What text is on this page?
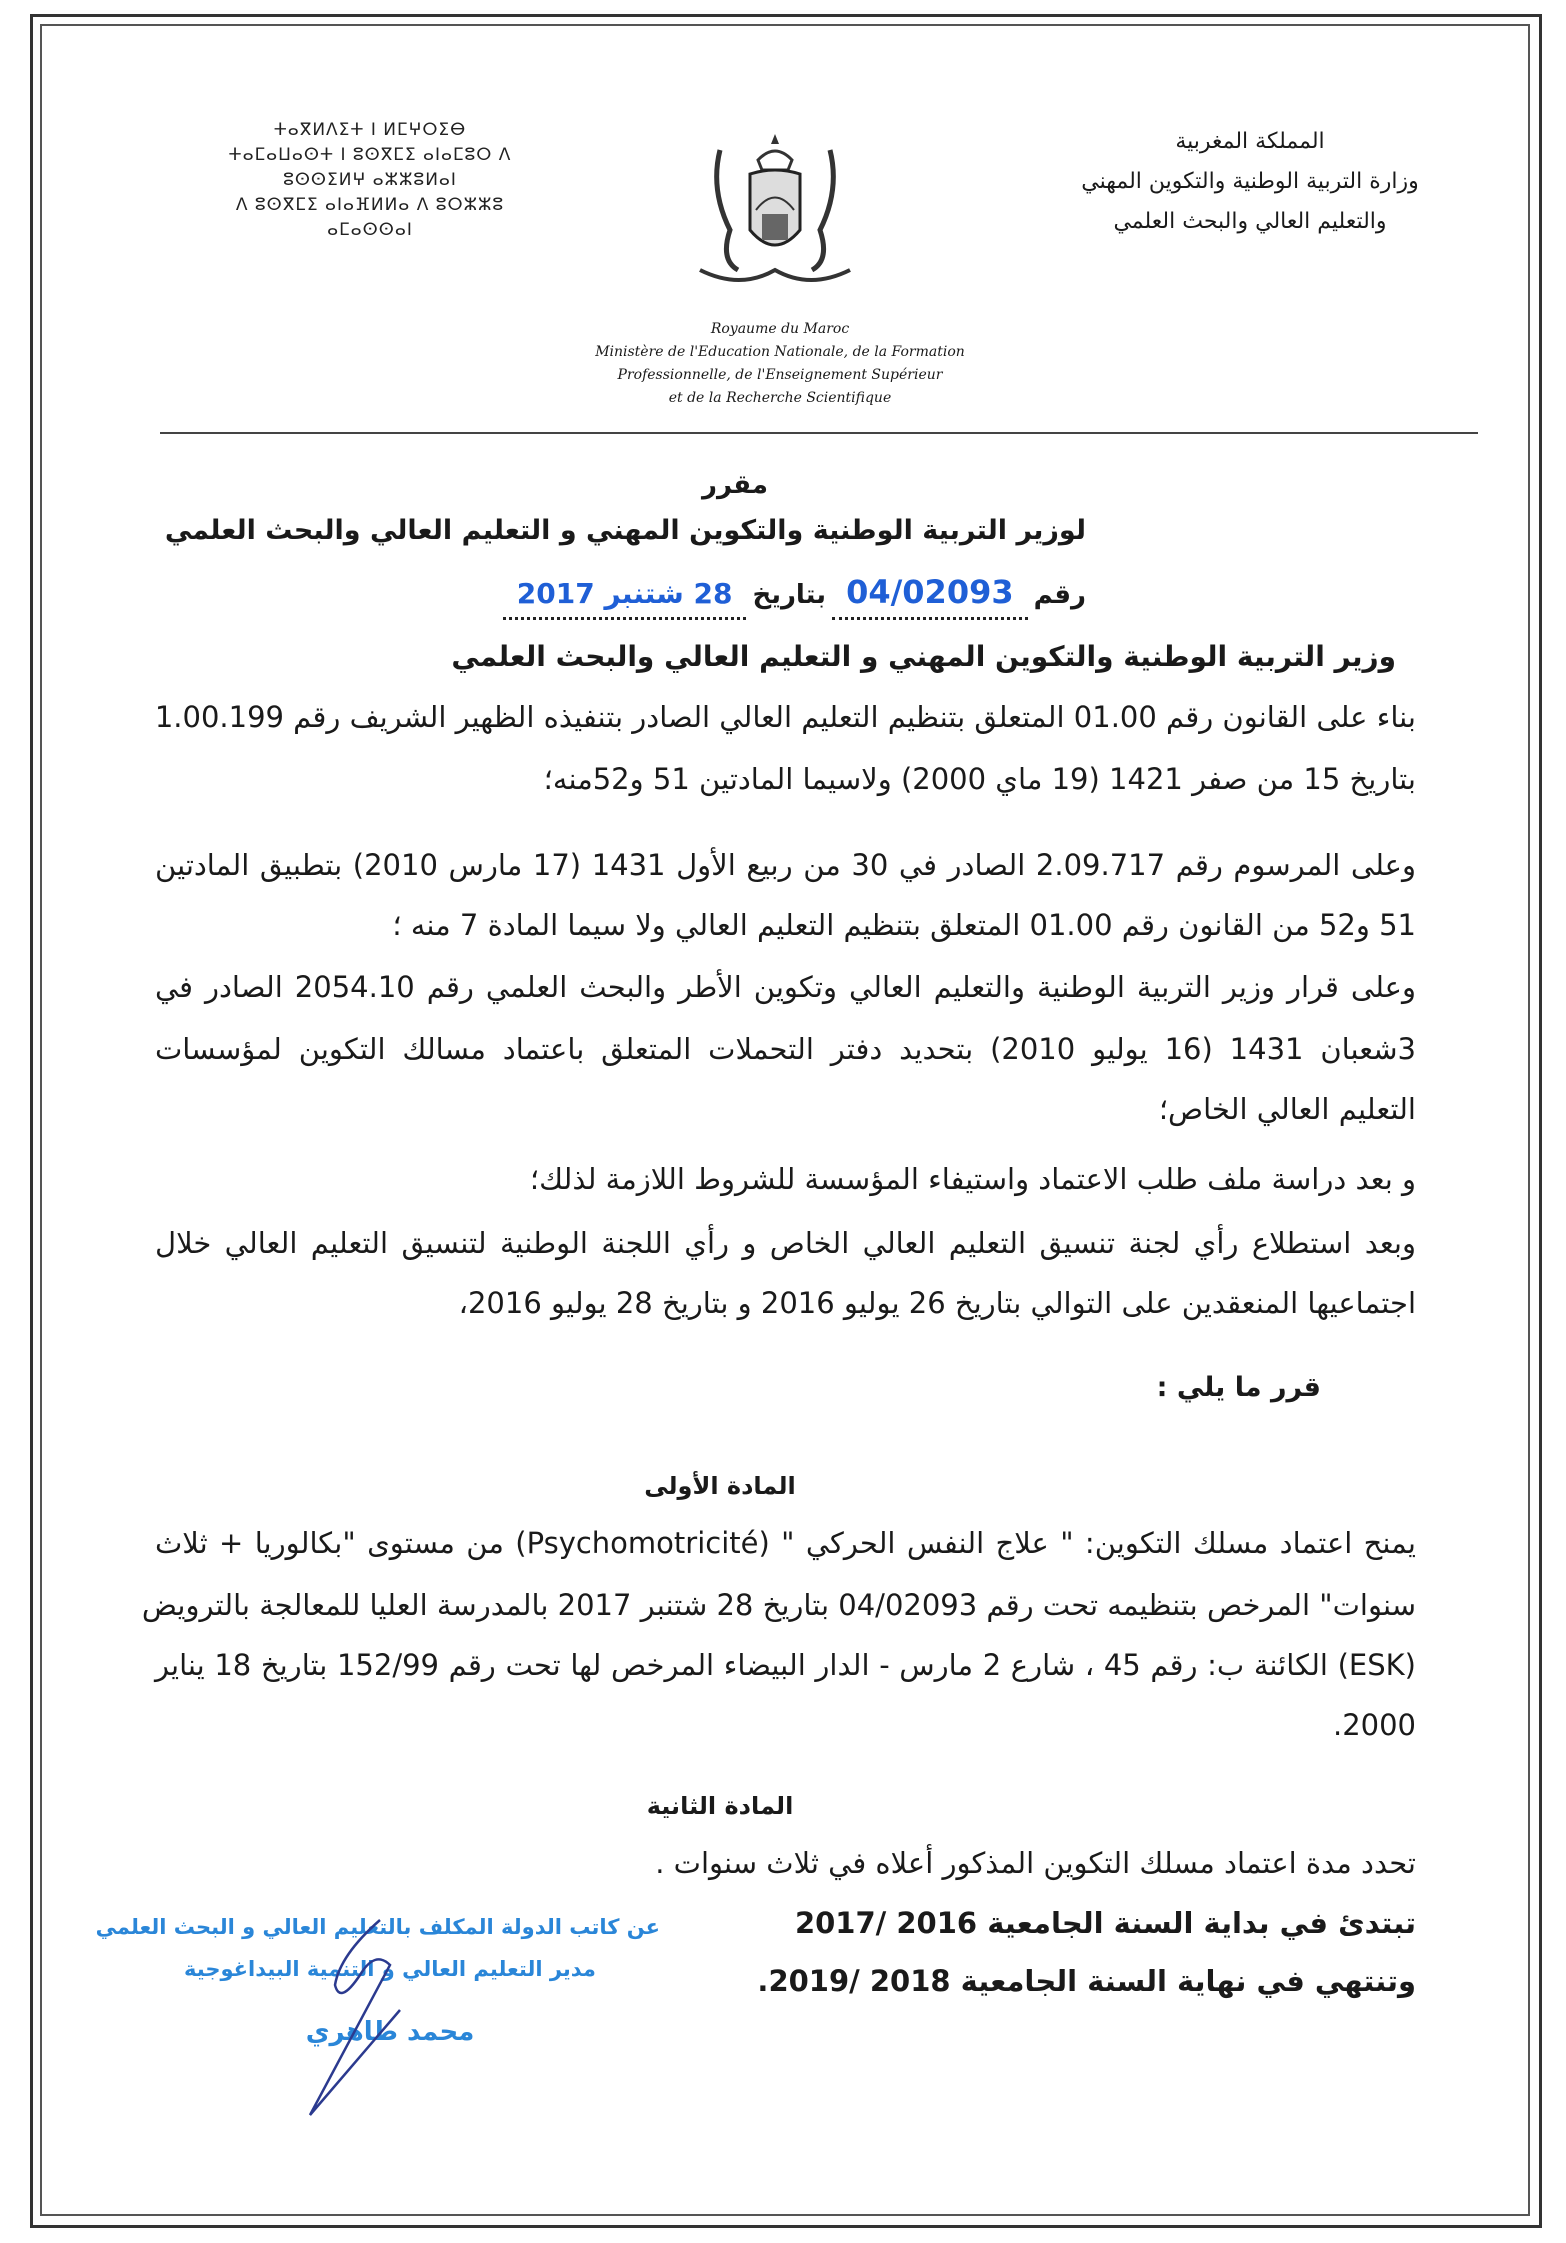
ⵜⴰⴳⵍⴷⵉⵜ ⵏ ⵍⵎⵖⵔⵉⴱ
ⵜⴰⵎⴰⵡⴰⵙⵜ ⵏ ⵓⵙⴳⵎⵉ ⴰⵏⴰⵎⵓⵔ ⴷ ⵓⵙⵙⵉⵍⵖ ⴰⵣⵣⵓⵍⴰⵏ
ⴷ ⵓⵙⴳⵎⵉ ⴰⵏⴰⴼⵍⵍⴰ ⴷ ⵓⵔⵣⵣⵓ ⴰⵎⴰⵙⵙⴰⵏ
المملكة المغربية
وزارة التربية الوطنية والتكوين المهني
والتعليم العالي والبحث العلمي
Royaume du Maroc
Ministère de l'Education Nationale, de la Formation
Professionnelle, de l'Enseignement Supérieur
et de la Recherche Scientifique
مقرر
لوزير التربية الوطنية والتكوين المهني و التعليم العالي والبحث العلمي
رقم04/02093بتاريخ28 شتنبر 2017
وزير التربية الوطنية والتكوين المهني و التعليم العالي والبحث العلمي
بناء على القانون رقم 01.00 المتعلق بتنظيم التعليم العالي الصادر بتنفيذه الظهير الشريف رقم 1.00.199
بتاريخ 15 من صفر 1421 (19 ماي 2000) ولاسيما المادتين 51 و52منه؛
وعلى المرسوم رقم 2.09.717 الصادر في 30 من ربيع الأول 1431 (17 مارس 2010) بتطبيق المادتين
51 و52 من القانون رقم 01.00 المتعلق بتنظيم التعليم العالي ولا سيما المادة 7 منه ؛
وعلى قرار وزير التربية الوطنية والتعليم العالي وتكوين الأطر والبحث العلمي رقم 2054.10 الصادر في
3شعبان 1431 (16 يوليو 2010) بتحديد دفتر التحملات المتعلق باعتماد مسالك التكوين لمؤسسات
التعليم العالي الخاص؛
و بعد دراسة ملف طلب الاعتماد واستيفاء المؤسسة للشروط اللازمة لذلك؛
وبعد استطلاع رأي لجنة تنسيق التعليم العالي الخاص و رأي اللجنة الوطنية لتنسيق التعليم العالي خلال
اجتماعيها المنعقدين على التوالي بتاريخ 26 يوليو 2016 و بتاريخ 28 يوليو 2016،
قرر ما يلي :
المادة الأولى
يمنح اعتماد مسلك التكوين: " علاج النفس الحركي " (Psychomotricité) من مستوى "بكالوريا + ثلاث
سنوات" المرخص بتنظيمه تحت رقم 04/02093 بتاريخ 28 شتنبر 2017 بالمدرسة العليا للمعالجة بالترويض
(ESK) الكائنة ب: رقم 45 ، شارع 2 مارس - الدار البيضاء المرخص لها تحت رقم 152/99 بتاريخ 18 يناير
2000.
المادة الثانية
تحدد مدة اعتماد مسلك التكوين المذكور أعلاه في ثلاث سنوات .
تبتدئ في بداية السنة الجامعية 2016 /2017
وتنتهي في نهاية السنة الجامعية 2018 /2019.
عن كاتب الدولة المكلف بالتعليم العالي و البحث العلمي
مدير التعليم العالي و التنمية البيداغوجية
محمد طاهري
